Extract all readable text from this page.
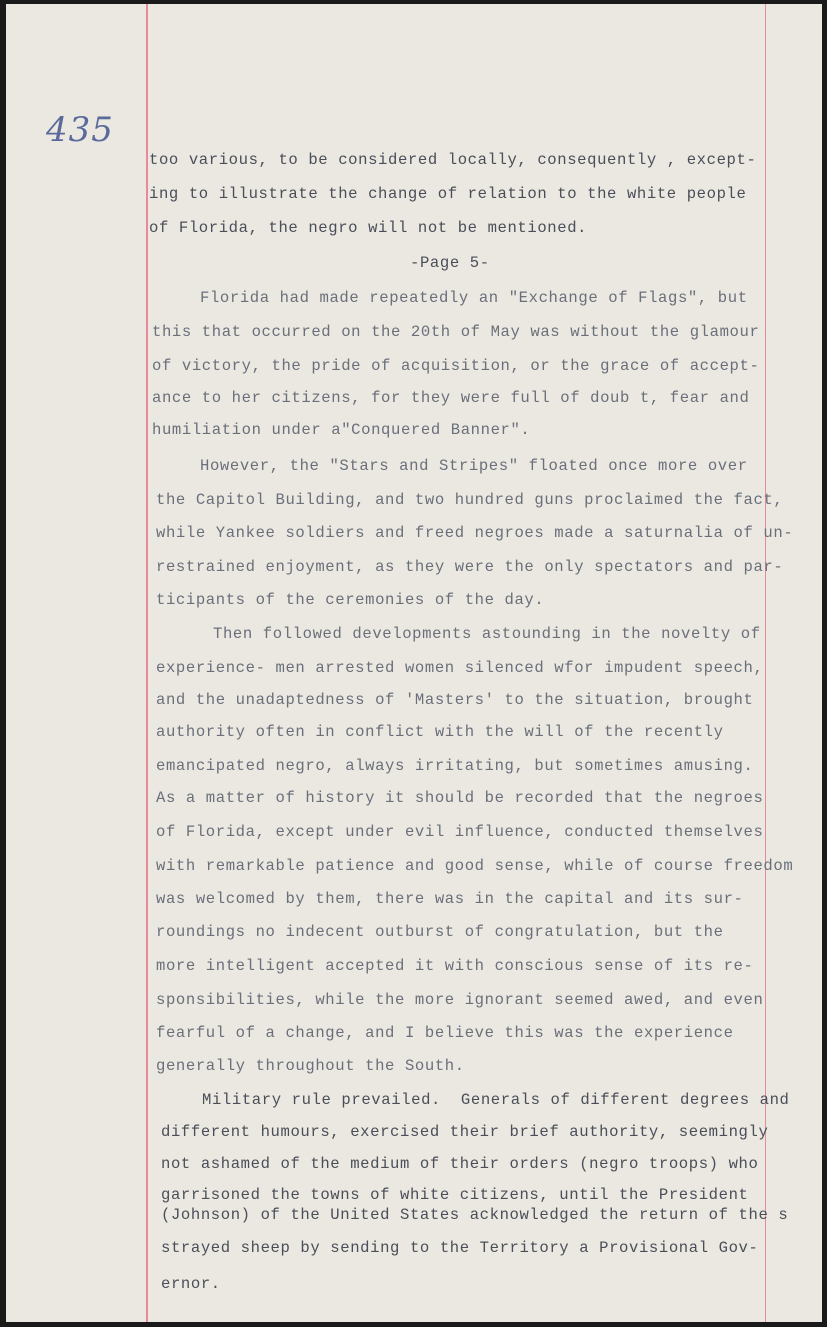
435
too various, to be considered locally, consequently , except-
ing to illustrate the change of relation to the white people
of Florida, the negro will not be mentioned.
-Page 5-
Florida had made repeatedly an "Exchange of Flags", but
this that occurred on the 20th of May was without the glamour
of victory, the pride of acquisition, or the grace of accept-
ance to her citizens, for they were full of doub t, fear and
humiliation under a"Conquered Banner".
However, the "Stars and Stripes" floated once more over
the Capitol Building, and two hundred guns proclaimed the fact,
while Yankee soldiers and freed negroes made a saturnalia of un-
restrained enjoyment, as they were the only spectators and par-
ticipants of the ceremonies of the day.
Then followed developments astounding in the novelty of
experience- men arrested women silenced wfor impudent speech,
and the unadaptedness of 'Masters' to the situation, brought
authority often in conflict with the will of the recently
emancipated negro, always irritating, but sometimes amusing.
As a matter of history it should be recorded that the negroes
of Florida, except under evil influence, conducted themselves
with remarkable patience and good sense, while of course freedom
was welcomed by them, there was in the capital and its sur-
roundings no indecent outburst of congratulation, but the
more intelligent accepted it with conscious sense of its re-
sponsibilities, while the more ignorant seemed awed, and even
fearful of a change, and I believe this was the experience
generally throughout the South.
Military rule prevailed.  Generals of different degrees and
different humours, exercised their brief authority, seemingly
not ashamed of the medium of their orders (negro troops) who
garrisoned the towns of white citizens, until the President
(Johnson) of the United States acknowledged the return of the s
strayed sheep by sending to the Territory a Provisional Gov-
ernor.
